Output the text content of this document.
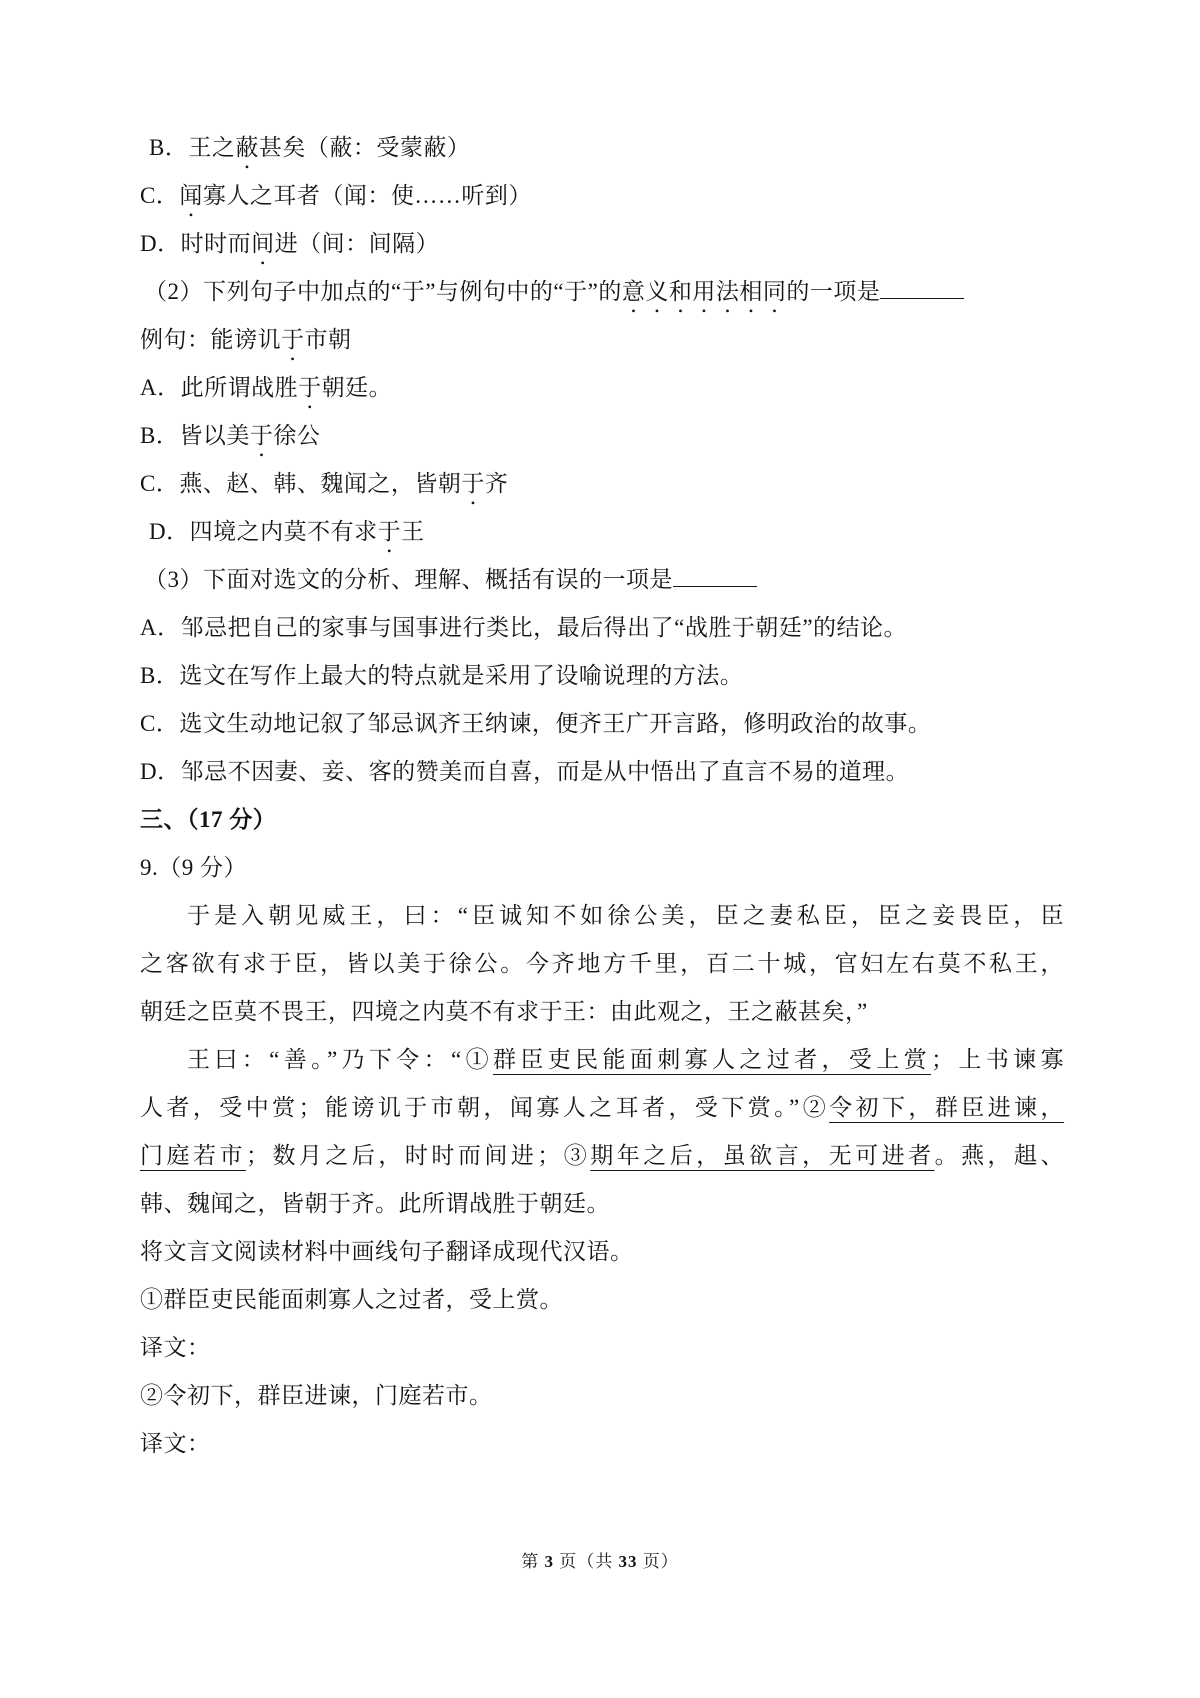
B．王之蔽甚矣（蔽：受蒙蔽）

C．闻寡人之耳者（闻：使……听到）

D．时时而间进（间：间隔）

（2）下列句子中加点的“于”与例句中的“于”的意义和用法相同的一项是

例句：能谤讥于市朝

A．此所谓战胜于朝廷。

B．皆以美于徐公

C．燕、赵、韩、魏闻之，皆朝于齐

D．四境之内莫不有求于王

（3）下面对选文的分析、理解、概括有误的一项是

A．邹忌把自己的家事与国事进行类比，最后得出了“战胜于朝廷”的结论。

B．选文在写作上最大的特点就是采用了设喻说理的方法。

C．选文生动地记叙了邹忌讽齐王纳谏，便齐王广开言路，修明政治的故事。

D．邹忌不因妻、妾、客的赞美而自喜，而是从中悟出了直言不易的道理。

三、（17 分）

9.（9 分）

于是入朝见威王，曰：“臣诚知不如徐公美，臣之妻私臣，臣之妾畏臣，臣

之客欲有求于臣，皆以美于徐公。今齐地方千里，百二十城，官妇左右莫不私王，

朝廷之臣莫不畏王，四境之内莫不有求于王：由此观之，王之蔽甚矣，”

王曰：“善。”乃下令：“①群臣吏民能面刺寡人之过者，受上赏；上书谏寡

人者，受中赏；能谤讥于市朝，闻寡人之耳者，受下赏。”②令初下，群臣进谏，

门庭若市；数月之后，时时而间进；③期年之后，虽欲言，无可进者。燕，趄、

韩、魏闻之，皆朝于齐。此所谓战胜于朝廷。

将文言文阅读材料中画线句子翻译成现代汉语。

①群臣吏民能面刺寡人之过者，受上赏。

译文：

②令初下，群臣进谏，门庭若市。

译文：

第 3 页（共 33 页）
